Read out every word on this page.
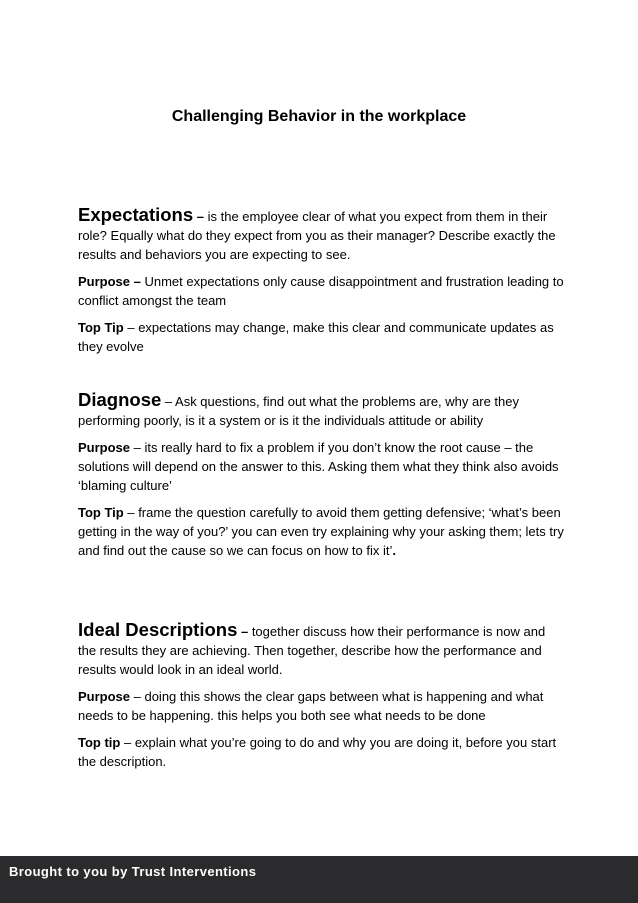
Challenging Behavior in the workplace

Expectations – is the employee clear of what you expect from them in their role? Equally what do they expect from you as their manager? Describe exactly the results and behaviors you are expecting to see.

Purpose – Unmet expectations only cause disappointment and frustration leading to conflict amongst the team

Top Tip – expectations may change, make this clear and communicate updates as they evolve

Diagnose – Ask questions, find out what the problems are, why are they performing poorly, is it a system or is it the individuals attitude or ability

Purpose – its really hard to fix a problem if you don’t know the root cause – the solutions will depend on the answer to this. Asking them what they think also avoids ‘blaming culture’

Top Tip – frame the question carefully to avoid them getting defensive; ‘what’s been getting in the way of you?’ you can even try explaining why your asking them; lets try and find out the cause so we can focus on how to fix it’.

Ideal Descriptions – together discuss how their performance is now and the results they are achieving. Then together, describe how the performance and results would look in an ideal world.

Purpose – doing this shows the clear gaps between what is happening and what needs to be happening. this helps you both see what needs to be done

Top tip – explain what you’re going to do and why you are doing it, before you start the description.

Brought to you by Trust Interventions
